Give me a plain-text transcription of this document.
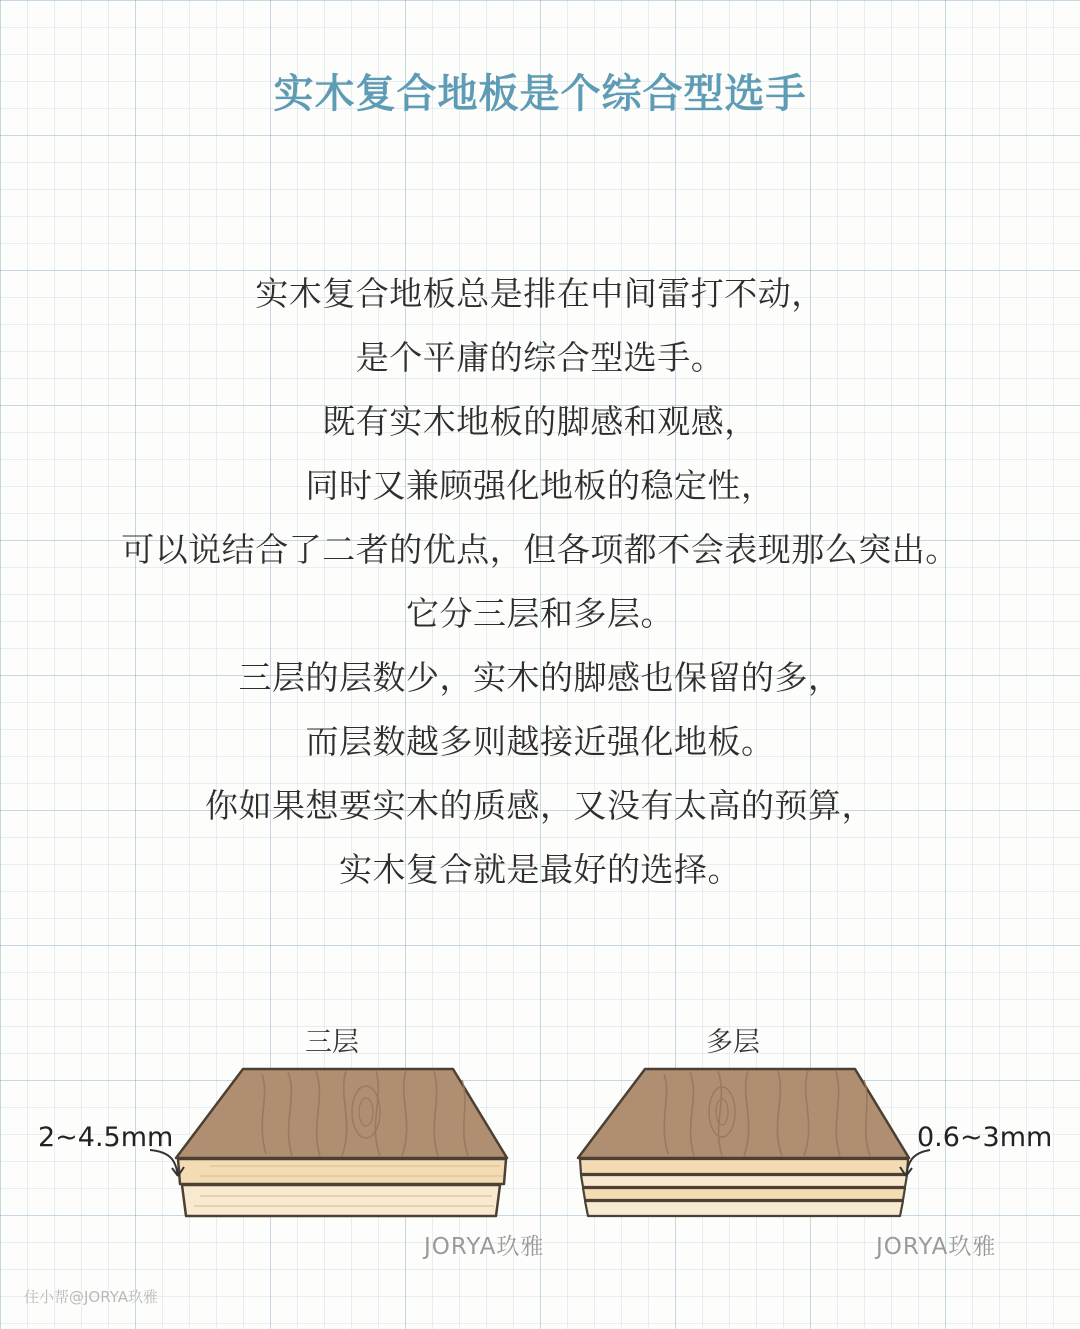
实木复合地板是个综合型选手
实木复合地板总是排在中间雷打不动，
是个平庸的综合型选手。
既有实木地板的脚感和观感，
同时又兼顾强化地板的稳定性，
可以说结合了二者的优点，但各项都不会表现那么突出。
它分三层和多层。
三层的层数少，实木的脚感也保留的多，
而层数越多则越接近强化地板。
你如果想要实木的质感，又没有太高的预算，
实木复合就是最好的选择。
三层	多层
2~4.5mm	0.6~3mm
JORYA玖雅	JORYA玖雅
住小帮@JORYA玖雅
